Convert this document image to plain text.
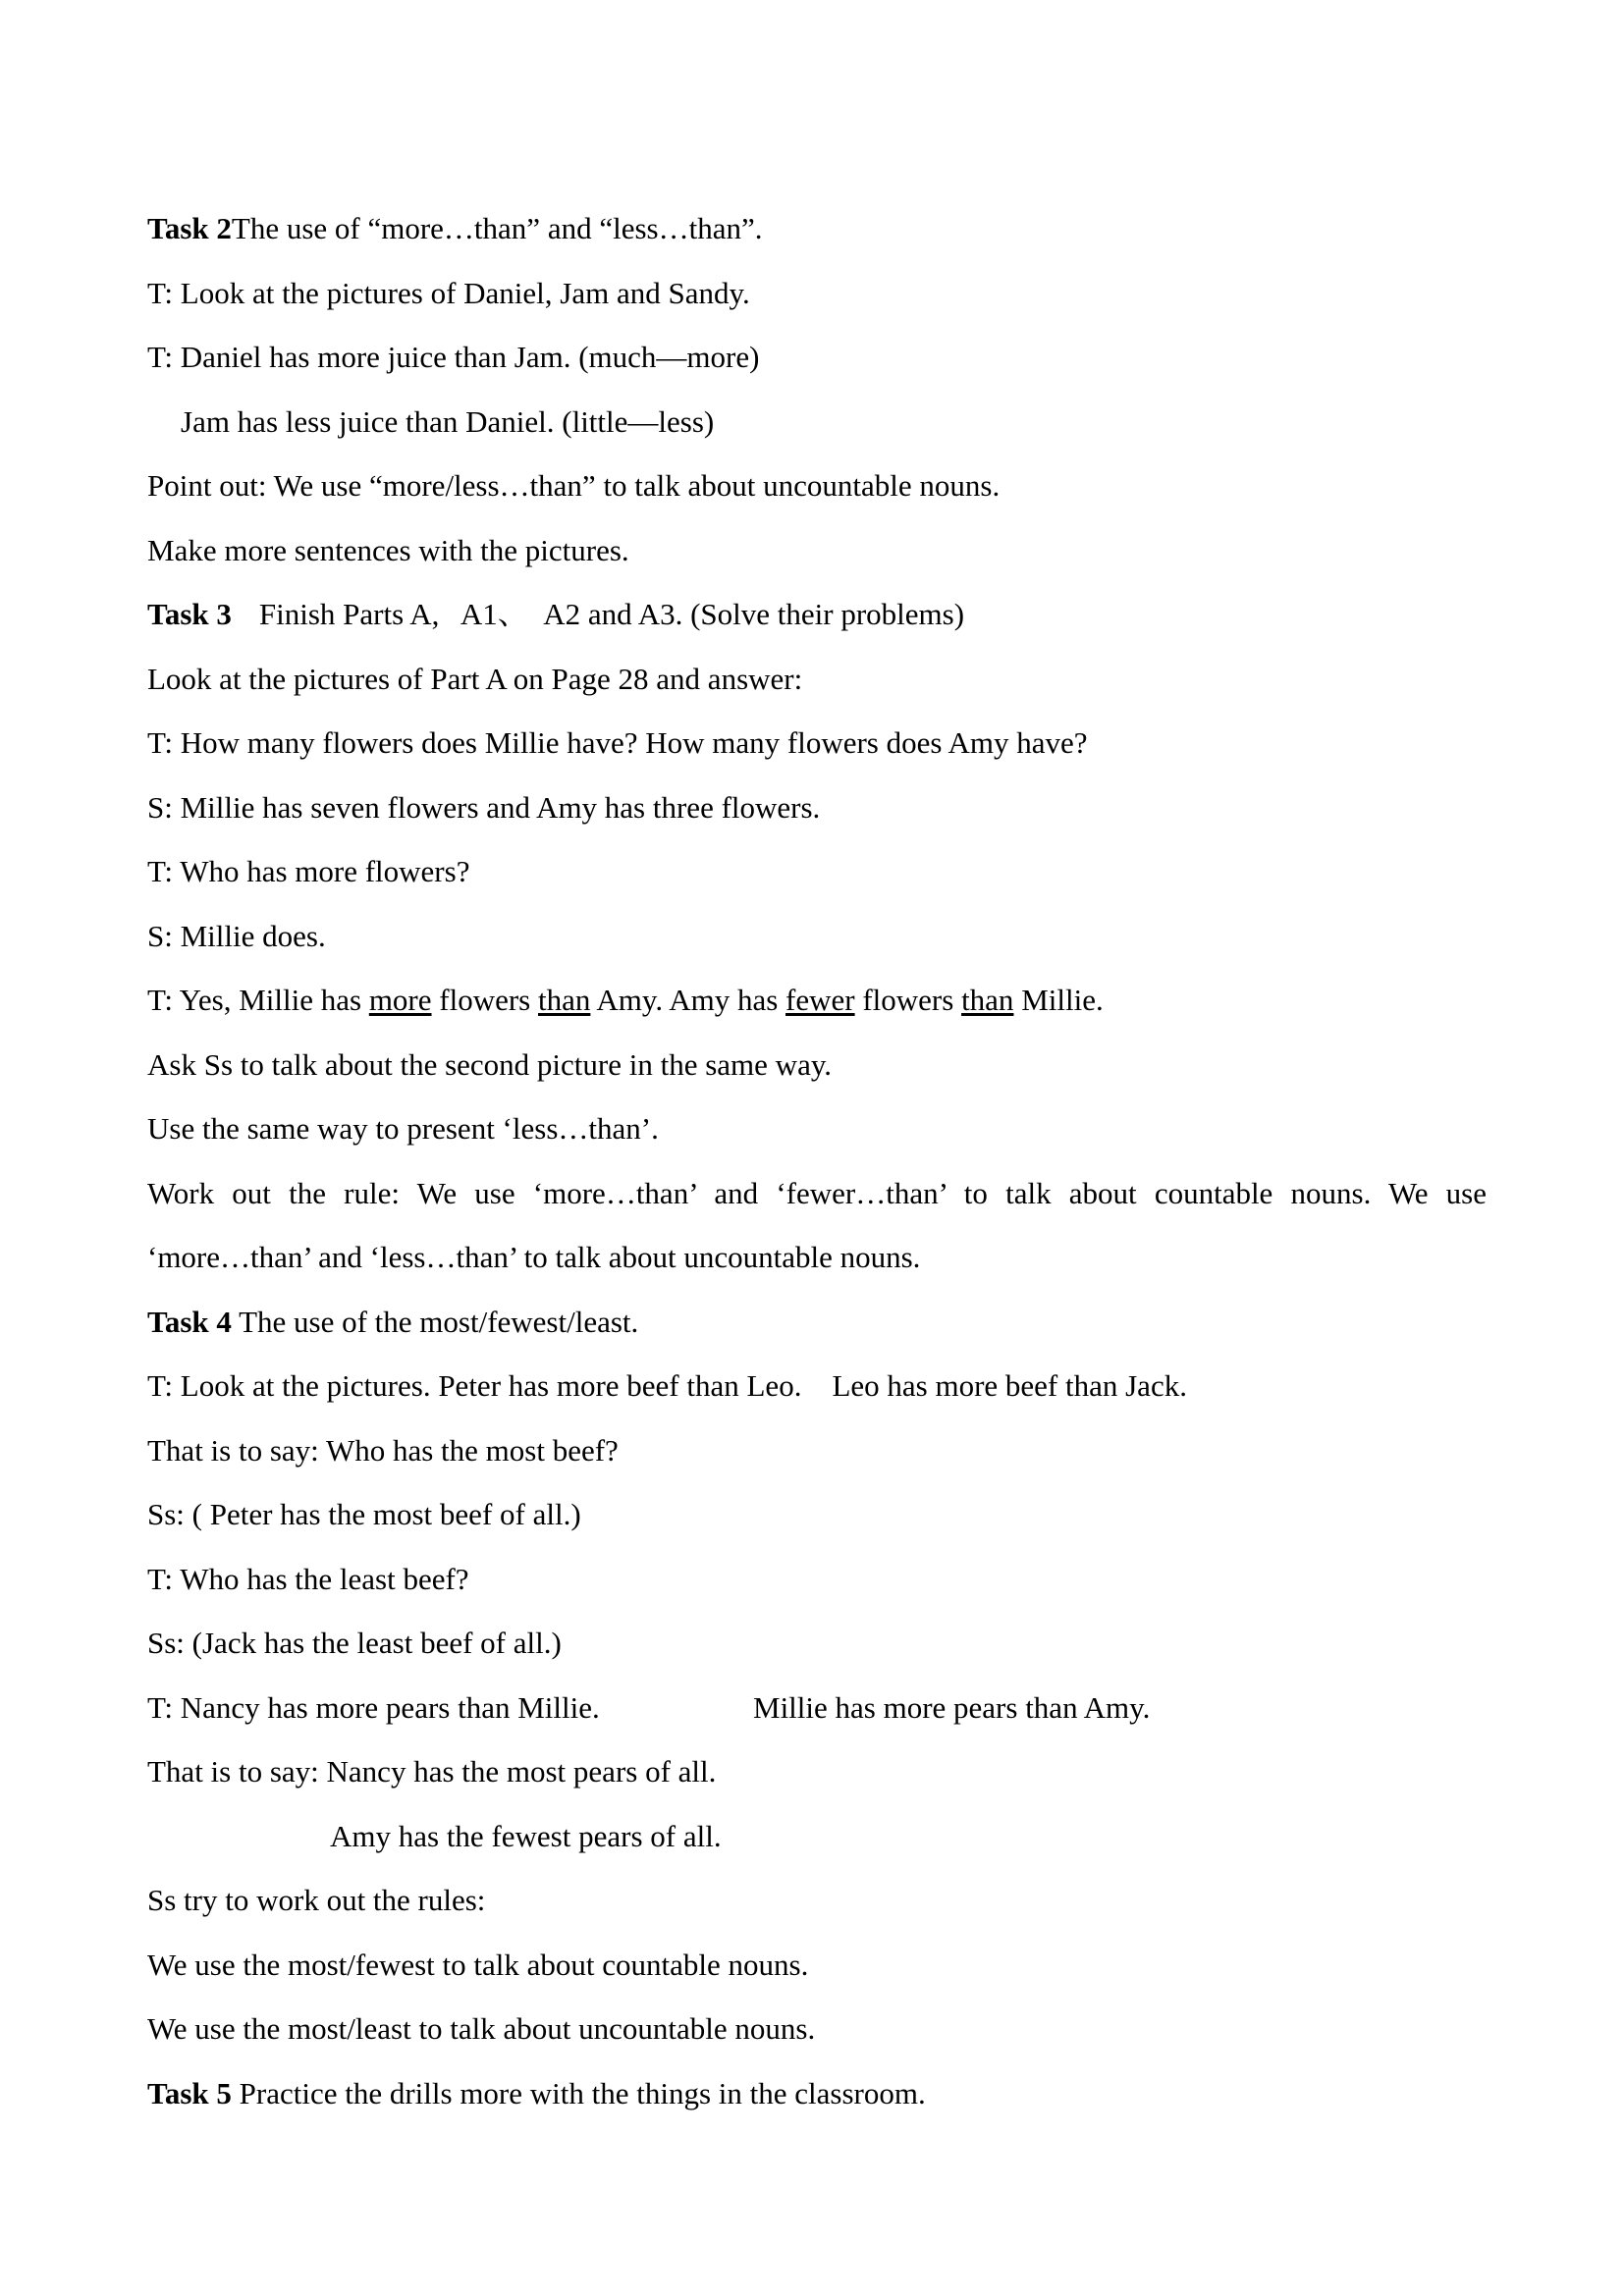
Task 2The use of “more…than” and “less…than”.
T: Look at the pictures of Daniel, Jam and Sandy.
T: Daniel has more juice than Jam. (much—more)
Jam has less juice than Daniel. (little—less)
Point out: We use “more/less…than” to talk about uncountable nouns.
Make more sentences with the pictures.
Task 3 Finish Parts A,   A1、  A2 and A3. (Solve their problems)
Look at the pictures of Part A on Page 28 and answer:
T: How many flowers does Millie have? How many flowers does Amy have?
S: Millie has seven flowers and Amy has three flowers.
T: Who has more flowers?
S: Millie does.
T: Yes, Millie has more flowers than Amy. Amy has fewer flowers than Millie.
Ask Ss to talk about the second picture in the same way.
Use the same way to present ‘less…than’.
Work out the rule: We use ‘more…than’ and ‘fewer…than’ to talk about countable nouns. We use
‘more…than’ and ‘less…than’ to talk about uncountable nouns.
Task 4 The use of the most/fewest/least.
T: Look at the pictures. Peter has more beef than Leo.    Leo has more beef than Jack.
That is to say: Who has the most beef?
Ss: ( Peter has the most beef of all.)
T: Who has the least beef?
Ss: (Jack has the least beef of all.)
T: Nancy has more pears than Millie.	Millie has more pears than Amy.
That is to say: Nancy has the most pears of all.
Amy has the fewest pears of all.
Ss try to work out the rules:
We use the most/fewest to talk about countable nouns.
We use the most/least to talk about uncountable nouns.
Task 5 Practice the drills more with the things in the classroom.
